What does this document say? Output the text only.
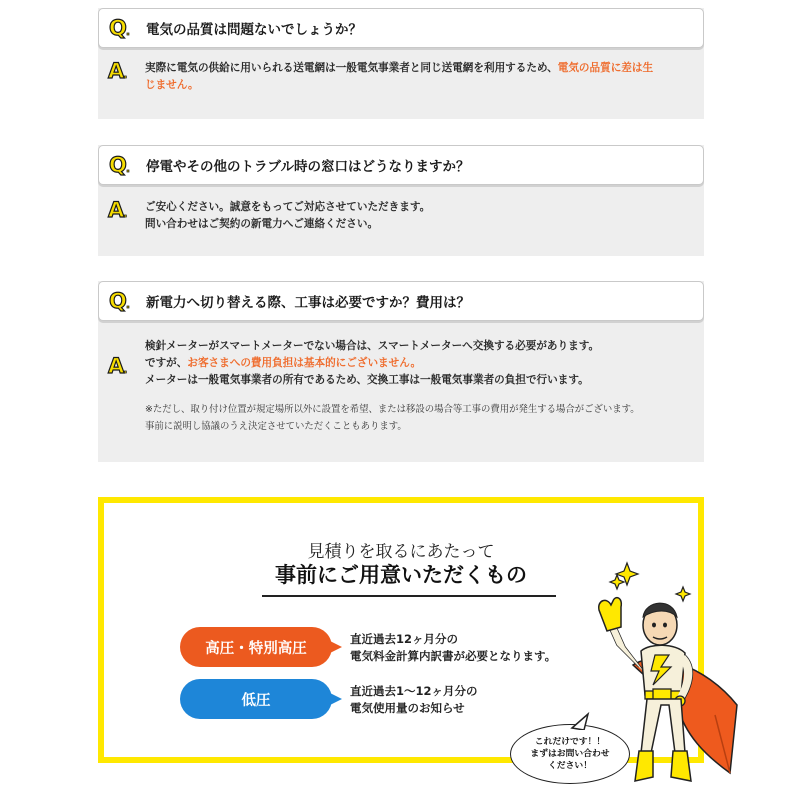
Q.	電気の品質は問題ないでしょうか？
A.	実際に電気の供給に用いられる送電網は一般電気事業者と同じ送電網を利用するため、電気の品質に差は生
じません。
Q.	停電やその他のトラブル時の窓口はどうなりますか？
A.	ご安心ください。誠意をもってご対応させていただきます。
問い合わせはご契約の新電力へご連絡ください。
Q.	新電力へ切り替える際、工事は必要ですか？費用は？
A.
検針メーターがスマートメーターでない場合は、スマートメーターへ交換する必要があります。
ですが、お客さまへの費用負担は基本的にございません。
メーターは一般電気事業者の所有であるため、交換工事は一般電気事業者の負担で行います。
※ただし、取り付け位置が規定場所以外に設置を希望、または移設の場合等工事の費用が発生する場合がございます。
事前に説明し協議のうえ決定させていただくこともあります。
見積りを取るにあたって
事前にご用意いただくもの
高圧・特別高圧
直近過去12ヶ月分の
電気料金計算内訳書が必要となります。
低圧
直近過去1〜12ヶ月分の
電気使用量のお知らせ
これだけです！！
まずはお問い合わせ
ください！
